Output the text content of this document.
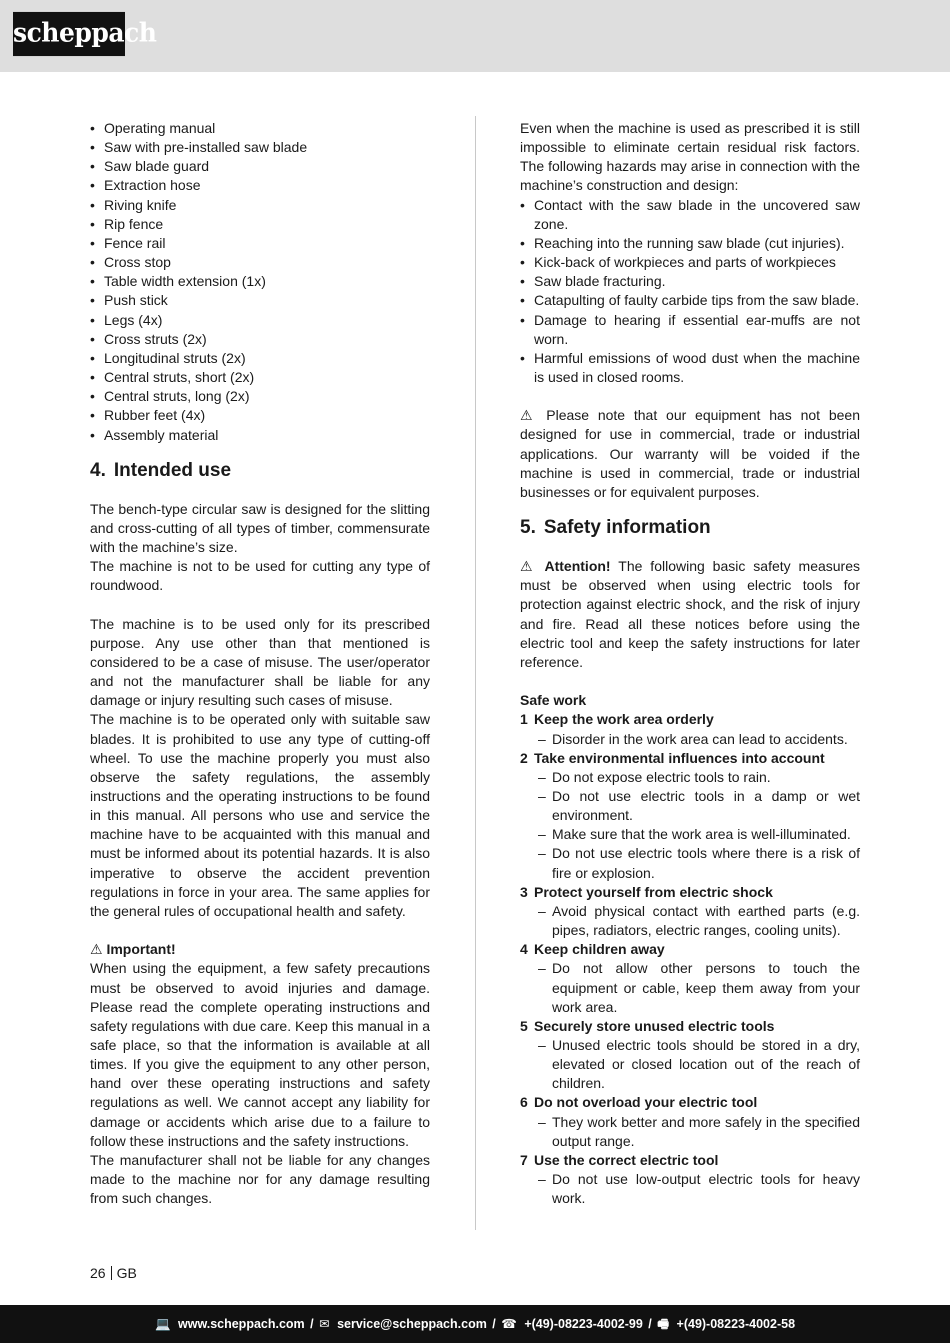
scheppach
• Operating manual
• Saw with pre-installed saw blade
• Saw blade guard
• Extraction hose
• Riving knife
• Rip fence
• Fence rail
• Cross stop
• Table width extension (1x)
• Push stick
• Legs (4x)
• Cross struts (2x)
• Longitudinal struts (2x)
• Central struts, short (2x)
• Central struts, long (2x)
• Rubber feet (4x)
• Assembly material
4. Intended use

The bench-type circular saw is designed for the slitting and cross-cutting of all types of timber, commensurate with the machine’s size.

The machine is not to be used for cutting any type of roundwood.

The machine is to be used only for its prescribed purpose. Any use other than that mentioned is considered to be a case of misuse. The user/operator and not the manufacturer shall be liable for any damage or injury resulting such cases of misuse.

The machine is to be operated only with suitable saw blades. It is prohibited to use any type of cutting-off wheel. To use the machine properly you must also observe the safety regulations, the assembly instructions and the operating instructions to be found in this manual. All persons who use and service the machine have to be acquainted with this manual and must be informed about its potential hazards. It is also imperative to observe the accident prevention regulations in force in your area. The same applies for the general rules of occupational health and safety.

⚠ Important!

When using the equipment, a few safety precautions must be observed to avoid injuries and damage. Please read the complete operating instructions and safety regulations with due care. Keep this manual in a safe place, so that the information is available at all times. If you give the equipment to any other person, hand over these operating instructions and safety regulations as well. We cannot accept any liability for damage or accidents which arise due to a failure to follow these instructions and the safety instructions.

The manufacturer shall not be liable for any changes made to the machine nor for any damage resulting from such changes.

Even when the machine is used as prescribed it is still impossible to eliminate certain residual risk factors. The following hazards may arise in connection with the machine’s construction and design:

• Contact with the saw blade in the uncovered saw zone.
• Reaching into the running saw blade (cut injuries).
• Kick-back of workpieces and parts of workpieces
• Saw blade fracturing.
• Catapulting of faulty carbide tips from the saw blade.
• Damage to hearing if essential ear-muffs are not worn.
• Harmful emissions of wood dust when the machine is used in closed rooms.

⚠ Please note that our equipment has not been designed for use in commercial, trade or industrial applications. Our warranty will be voided if the machine is used in commercial, trade or industrial businesses or for equivalent purposes.

5. Safety information

⚠ Attention! The following basic safety measures must be observed when using electric tools for protection against electric shock, and the risk of injury and fire. Read all these notices before using the electric tool and keep the safety instructions for later reference.

Safe work

1 Keep the work area orderly

– Disorder in the work area can lead to accidents.

2 Take environmental influences into account

– Do not expose electric tools to rain.
– Do not use electric tools in a damp or wet environment.
– Make sure that the work area is well-illuminated.
– Do not use electric tools where there is a risk of fire or explosion.

3 Protect yourself from electric shock

– Avoid physical contact with earthed parts (e.g. pipes, radiators, electric ranges, cooling units).

4 Keep children away

– Do not allow other persons to touch the equipment or cable, keep them away from your work area.

5 Securely store unused electric tools

– Unused electric tools should be stored in a dry, elevated or closed location out of the reach of children.

6 Do not overload your electric tool

– They work better and more safely in the specified output range.

7 Use the correct electric tool

– Do not use low-output electric tools for heavy work.
26 GB
💻 www.scheppach.com / ✉ service@scheppach.com / ☎ +(49)-08223-4002-99 / 🖷 +(49)-08223-4002-58
